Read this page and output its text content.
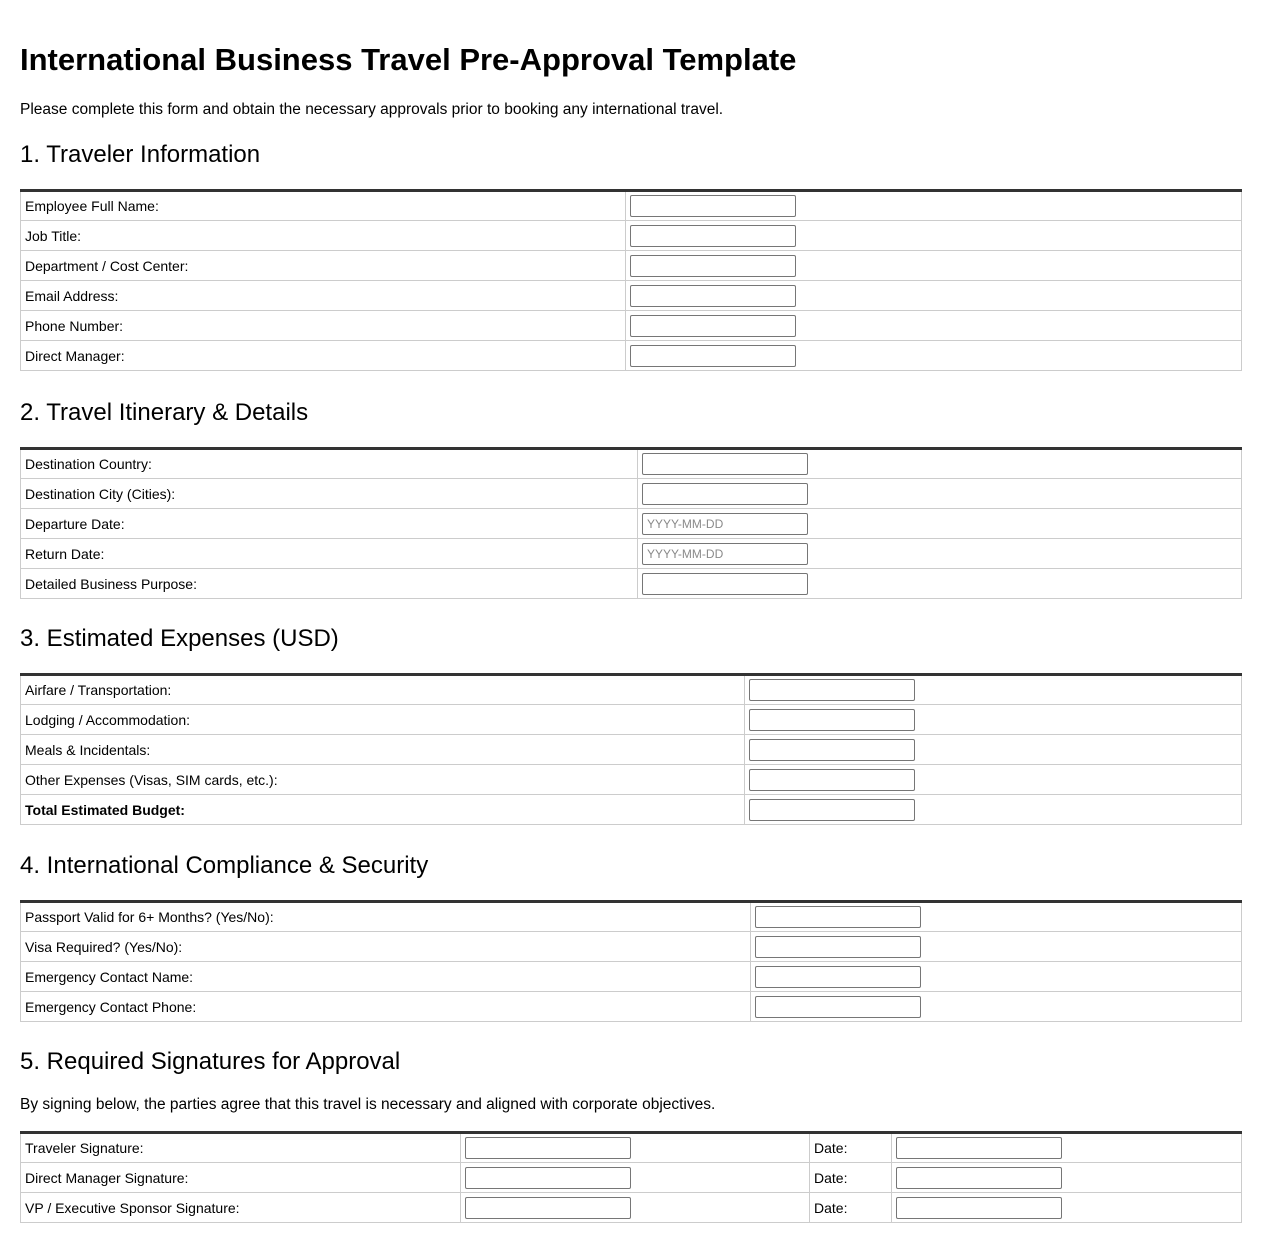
International Business Travel Pre-Approval Template
Please complete this form and obtain the necessary approvals prior to booking any international travel.
1. Traveler Information
Employee Full Name:	

Job Title:	

Department / Cost Center:	

Email Address:	

Phone Number:	

Direct Manager:	
2. Travel Itinerary & Details
Destination Country:	

Destination City (Cities):	

Departure Date:	
YYYY-MM-DD
Return Date:	
YYYY-MM-DD
Detailed Business Purpose:	
3. Estimated Expenses (USD)
Airfare / Transportation:	

Lodging / Accommodation:	

Meals & Incidentals:	

Other Expenses (Visas, SIM cards, etc.):	

Total Estimated Budget:	
4. International Compliance & Security
Passport Valid for 6+ Months? (Yes/No):	

Visa Required? (Yes/No):	

Emergency Contact Name:	

Emergency Contact Phone:	
5. Required Signatures for Approval
By signing below, the parties agree that this travel is necessary and aligned with corporate objectives.
Traveler Signature:		Date:	

Direct Manager Signature:		Date:	

VP / Executive Sponsor Signature:		Date:	
